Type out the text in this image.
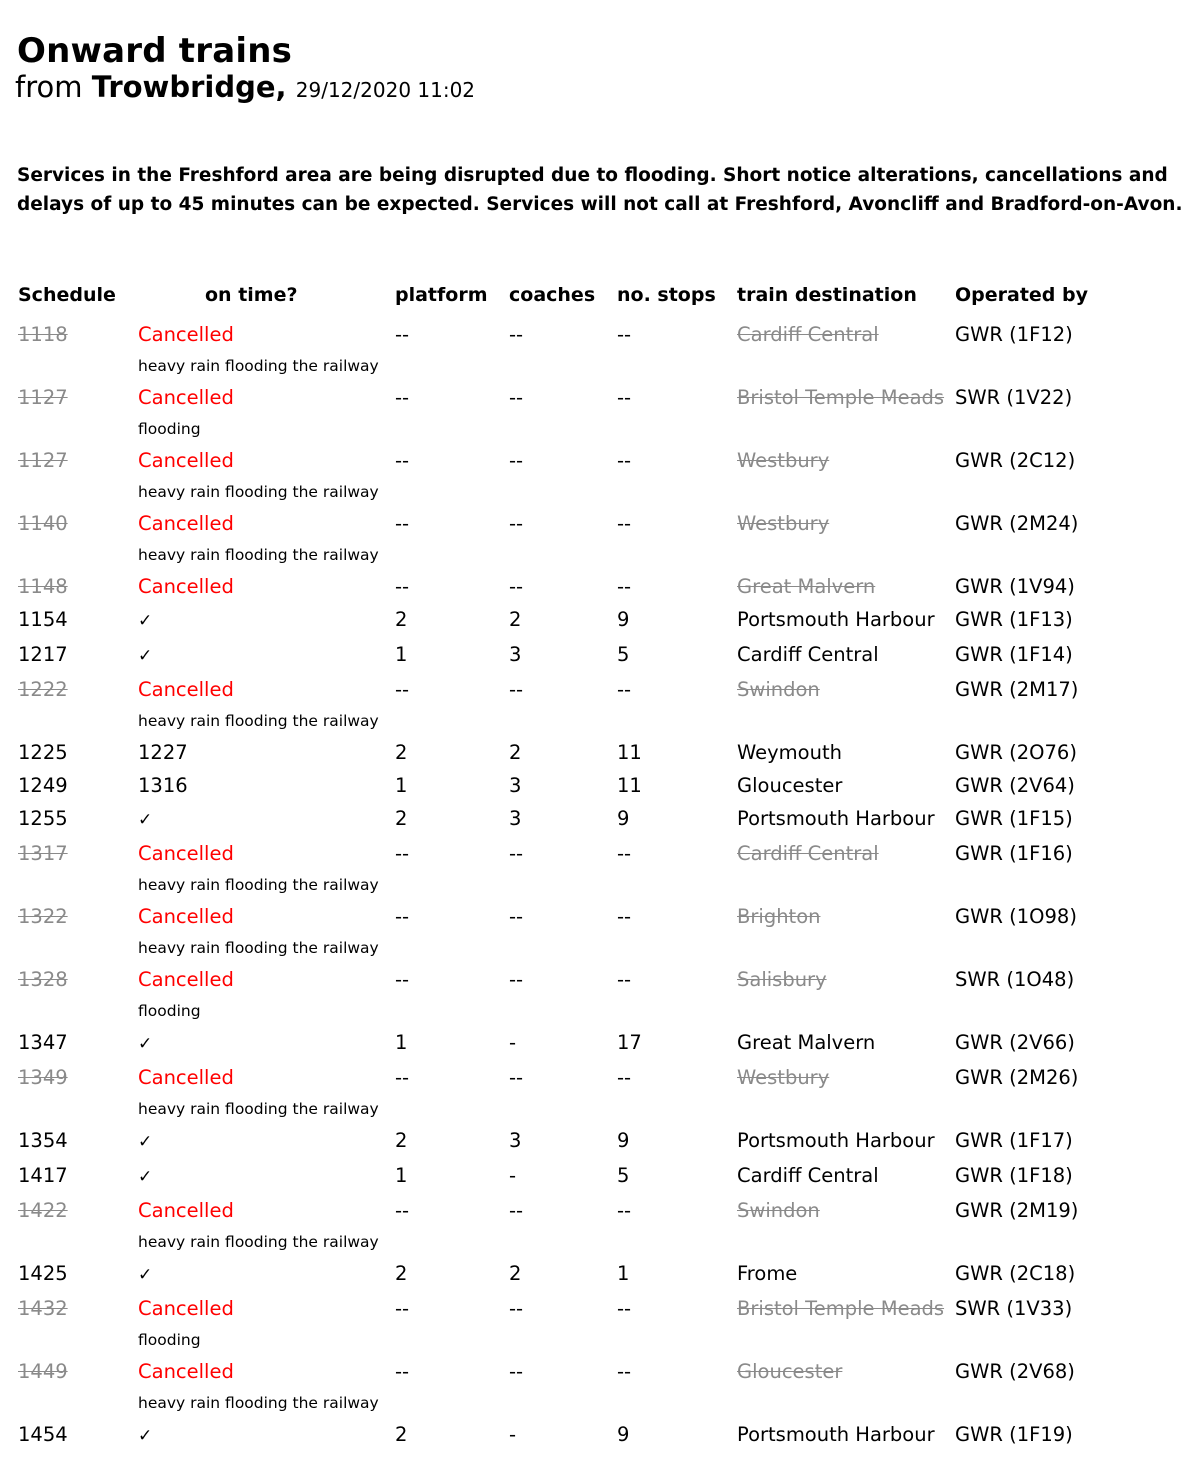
Onward trains
from Trowbridge, 29/12/2020 11:02

Services in the Freshford area are being disrupted due to flooding. Short notice alterations, cancellations and delays of up to 45 minutes can be expected. Services will not call at Freshford, Avoncliff and Bradford-on-Avon.

Schedule	on time?	platform	coaches	no. stops	train destination	Operated by
1118	Cancelled	--	--	--	Cardiff Central	GWR (1F12)
heavy rain flooding the railway
1127	Cancelled	--	--	--	Bristol Temple Meads SWR (1V22)
flooding
1127	Cancelled	--	--	--	Westbury	GWR (2C12)
heavy rain flooding the railway
1140	Cancelled	--	--	--	Westbury	GWR (2M24)
heavy rain flooding the railway
1148	Cancelled	--	--	--	Great Malvern	GWR (1V94)
1154	✓	2	2	9	Portsmouth Harbour	GWR (1F13)
1217	✓	1	3	5	Cardiff Central	GWR (1F14)
1222	Cancelled	--	--	--	Swindon	GWR (2M17)
heavy rain flooding the railway
1225	1227	2	2	11	Weymouth	GWR (2O76)
1249	1316	1	3	11	Gloucester	GWR (2V64)
1255	✓	2	3	9	Portsmouth Harbour	GWR (1F15)
1317	Cancelled	--	--	--	Cardiff Central	GWR (1F16)
heavy rain flooding the railway
1322	Cancelled	--	--	--	Brighton	GWR (1O98)
heavy rain flooding the railway
1328	Cancelled	--	--	--	Salisbury	SWR (1O48)
flooding
1347	✓	1	-	17	Great Malvern	GWR (2V66)
1349	Cancelled	--	--	--	Westbury	GWR (2M26)
heavy rain flooding the railway
1354	✓	2	3	9	Portsmouth Harbour	GWR (1F17)
1417	✓	1	-	5	Cardiff Central	GWR (1F18)
1422	Cancelled	--	--	--	Swindon	GWR (2M19)
heavy rain flooding the railway
1425	✓	2	2	1	Frome	GWR (2C18)
1432	Cancelled	--	--	--	Bristol Temple Meads SWR (1V33)
flooding
1449	Cancelled	--	--	--	Gloucester	GWR (2V68)
heavy rain flooding the railway
1454	✓	2	-	9	Portsmouth Harbour	GWR (1F19)
